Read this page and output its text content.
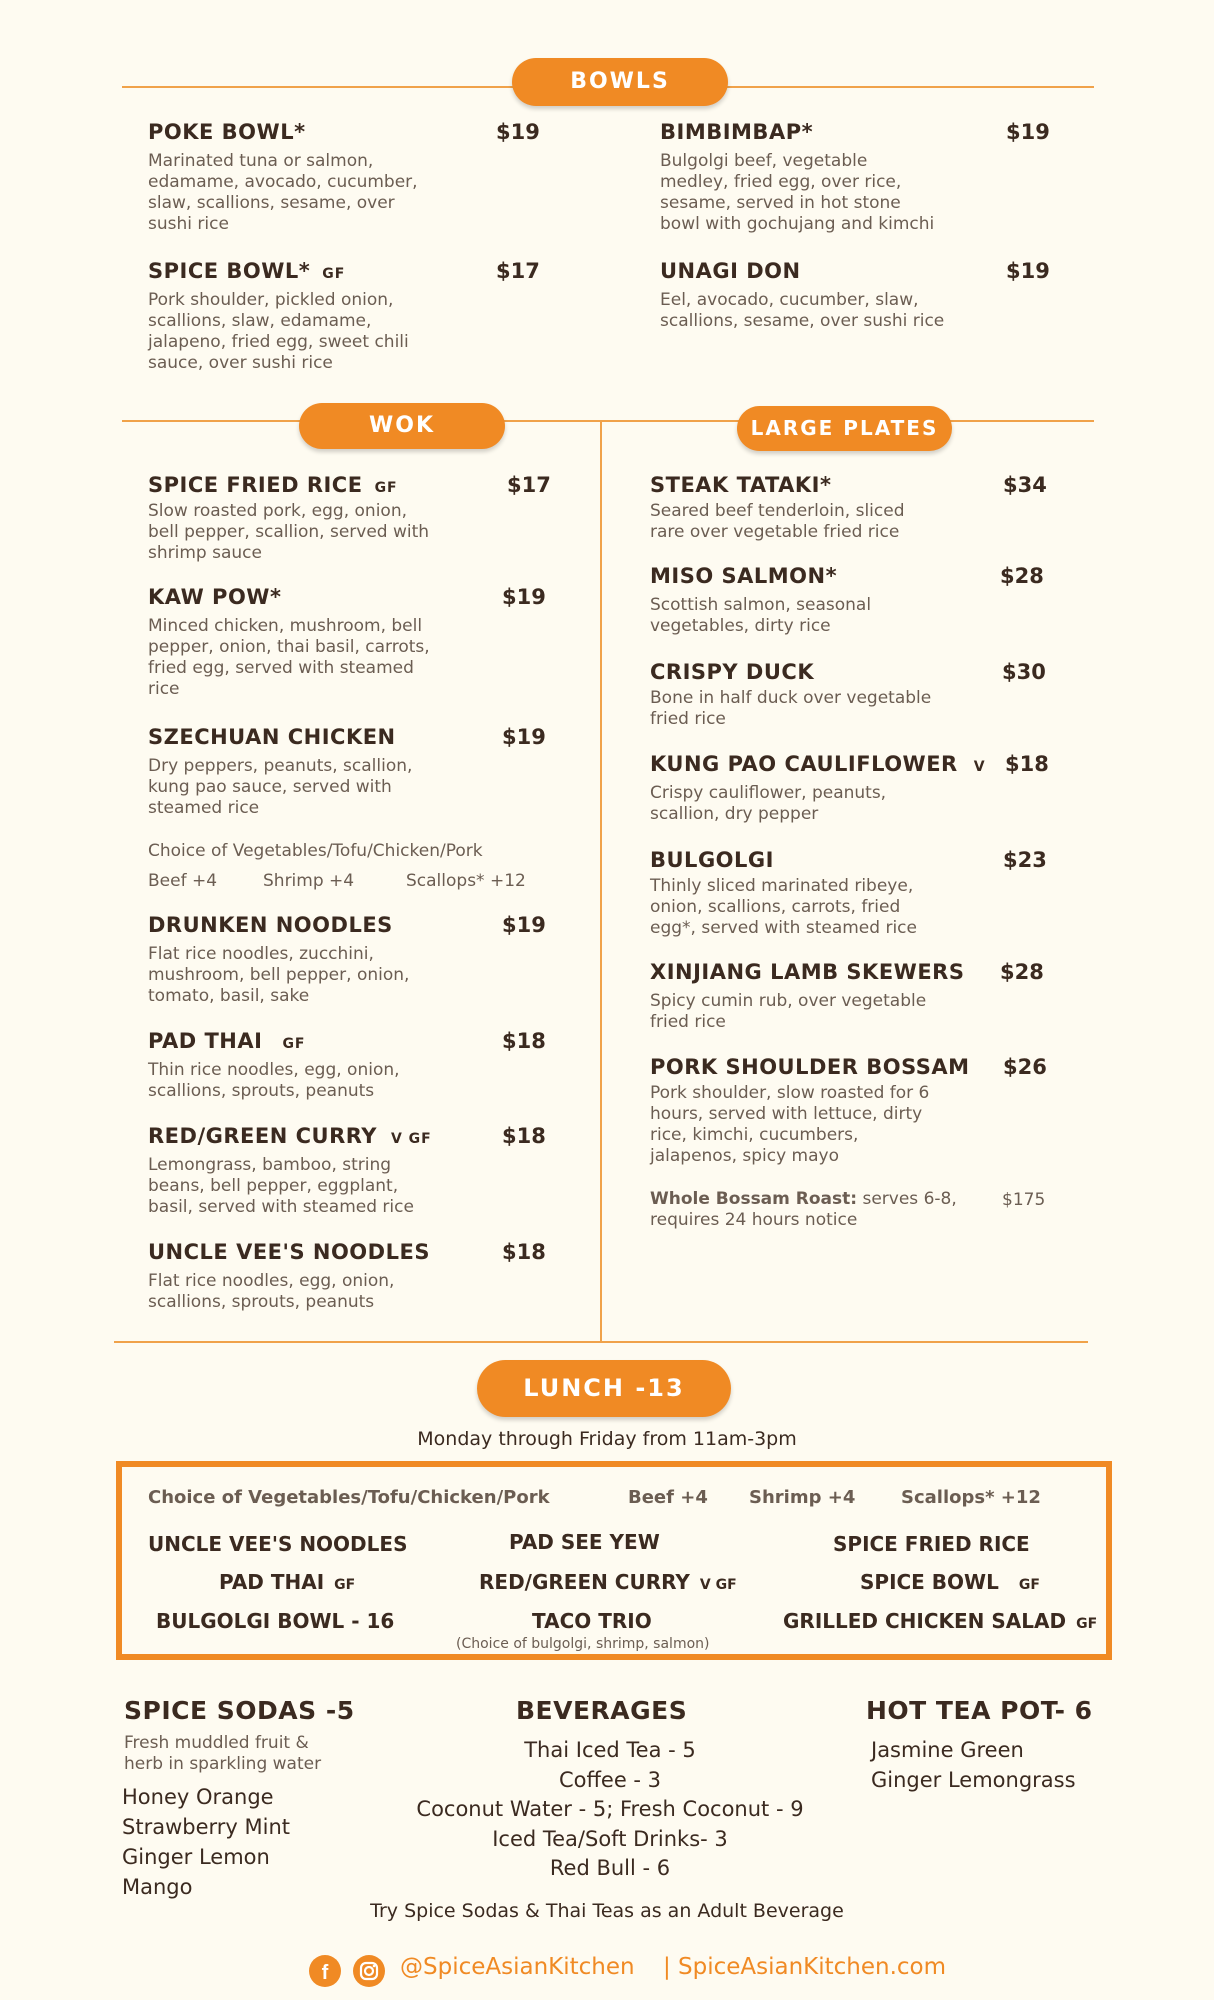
BOWLS
POKE BOWL*	$19
Marinated tuna or salmon,
edamame, avocado, cucumber,
slaw, scallions, sesame, over
sushi rice
BIMBIMBAP*	$19
Bulgolgi beef, vegetable
medley, fried egg, over rice,
sesame, served in hot stone
bowl with gochujang and kimchi
SPICE BOWL* GF	$17
Pork shoulder, pickled onion,
scallions, slaw, edamame,
jalapeno, fried egg, sweet chili
sauce, over sushi rice
UNAGI DON	$19
Eel, avocado, cucumber, slaw,
scallions, sesame, over sushi rice
WOK	LARGE PLATES
SPICE FRIED RICE GF	$17
Slow roasted pork, egg, onion,
bell pepper, scallion, served with
shrimp sauce
KAW POW*	$19
Minced chicken, mushroom, bell
pepper, onion, thai basil, carrots,
fried egg, served with steamed
rice
SZECHUAN CHICKEN	$19
Dry peppers, peanuts, scallion,
kung pao sauce, served with
steamed rice
Choice of Vegetables/Tofu/Chicken/Pork
Beef +4	Shrimp +4	Scallops* +12
DRUNKEN NOODLES	$19
Flat rice noodles, zucchini,
mushroom, bell pepper, onion,
tomato, basil, sake
PAD THAI GF	$18
Thin rice noodles, egg, onion,
scallions, sprouts, peanuts
RED/GREEN CURRY V GF	$18
Lemongrass, bamboo, string
beans, bell pepper, eggplant,
basil, served with steamed rice
UNCLE VEE'S NOODLES	$18
Flat rice noodles, egg, onion,
scallions, sprouts, peanuts
STEAK TATAKI*	$34
Seared beef tenderloin, sliced
rare over vegetable fried rice
MISO SALMON*	$28
Scottish salmon, seasonal
vegetables, dirty rice
CRISPY DUCK	$30
Bone in half duck over vegetable
fried rice
KUNG PAO CAULIFLOWER V $18
Crispy cauliflower, peanuts,
scallion, dry pepper
BULGOLGI	$23
Thinly sliced marinated ribeye,
onion, scallions, carrots, fried
egg*, served with steamed rice
XINJIANG LAMB SKEWERS	$28
Spicy cumin rub, over vegetable
fried rice
PORK SHOULDER BOSSAM	$26
Pork shoulder, slow roasted for 6
hours, served with lettuce, dirty
rice, kimchi, cucumbers,
jalapenos, spicy mayo
Whole Bossam Roast: serves 6-8,
requires 24 hours notice
$175
LUNCH -13
Monday through Friday from 11am-3pm
Choice of Vegetables/Tofu/Chicken/Pork	Beef +4 Shrimp +4	Scallops* +12
UNCLE VEE'S NOODLES	PAD SEE YEW	SPICE FRIED RICE
PAD THAI GF	RED/GREEN CURRY V GF	SPICE BOWL GF
BULGOLGI BOWL - 16	TACO TRIO	GRILLED CHICKEN SALAD GF
(Choice of bulgolgi, shrimp, salmon)
SPICE SODAS -5
Fresh muddled fruit &
herb in sparkling water
Honey Orange
Strawberry Mint
Ginger Lemon
Mango
BEVERAGES
Thai Iced Tea - 5
Coffee - 3
Coconut Water - 5; Fresh Coconut - 9
Iced Tea/Soft Drinks- 3
Red Bull - 6
HOT TEA POT- 6
Jasmine Green
Ginger Lemongrass
Try Spice Sodas & Thai Teas as an Adult Beverage
f	@SpiceAsianKitchen | SpiceAsianKitchen.com
